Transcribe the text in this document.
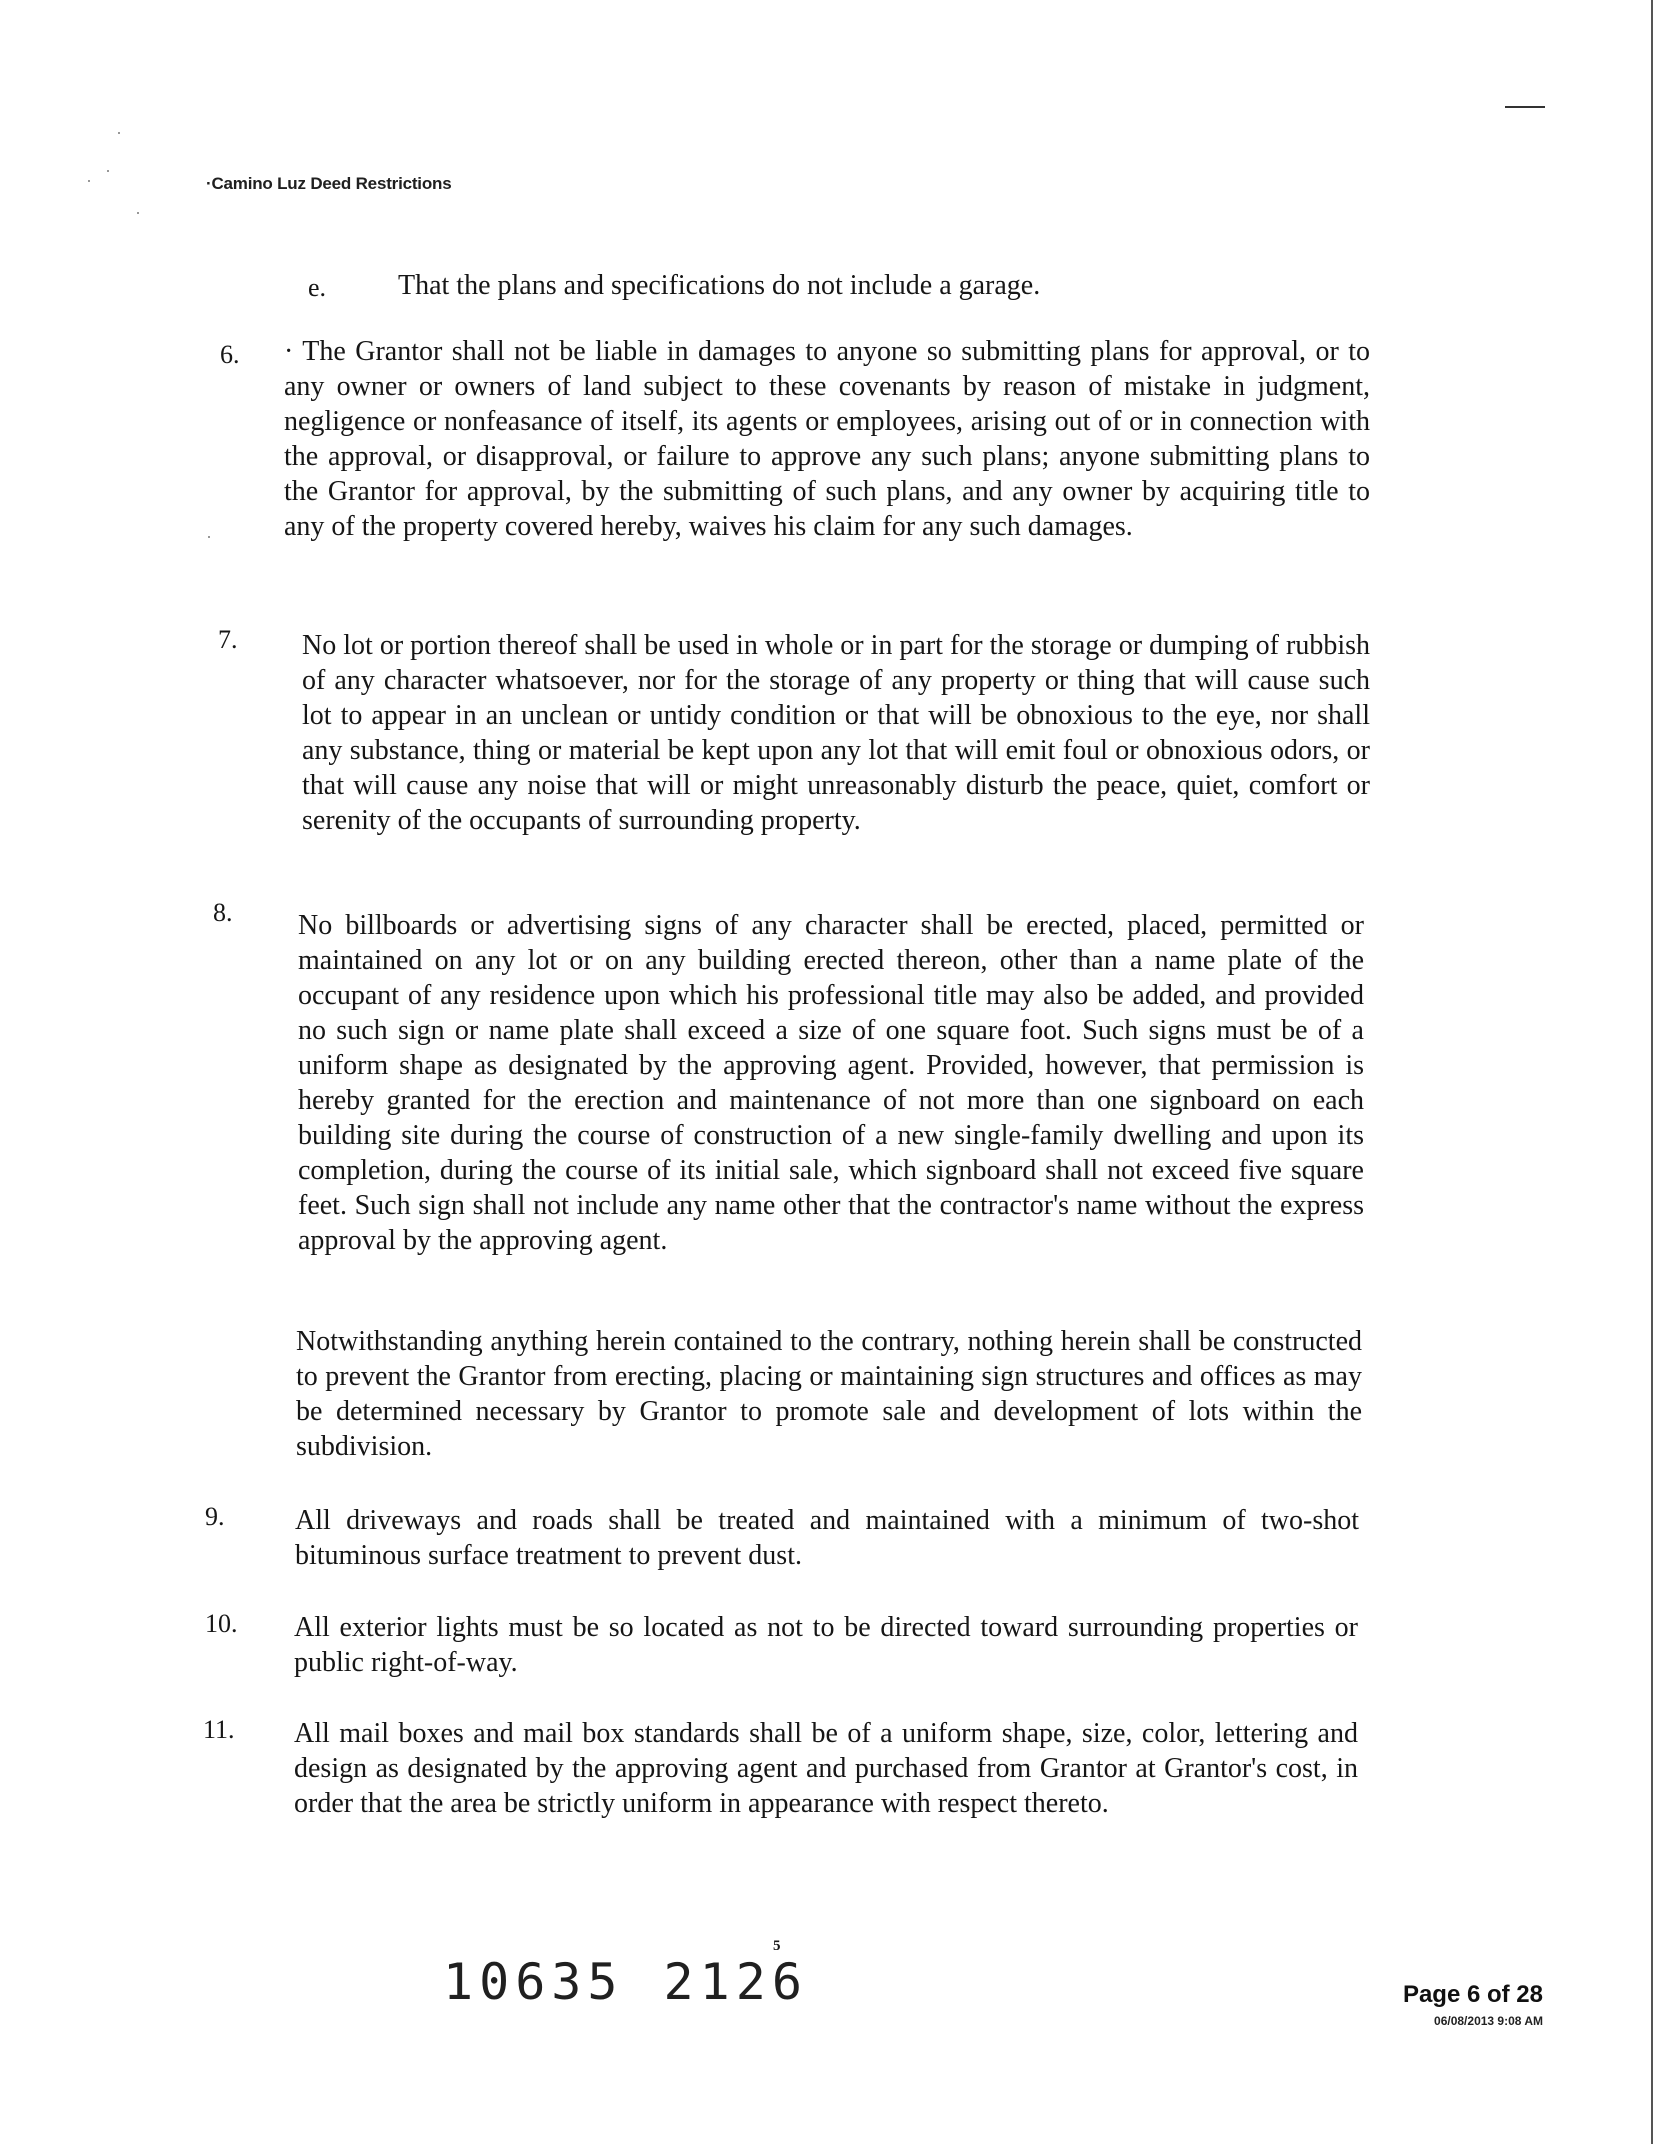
·Camino Luz Deed Restrictions
e.	That the plans and specifications do not include a garage.
6. · The Grantor shall not be liable in damages to anyone so submitting plans for approval, or to any owner or owners of land subject to these covenants by reason of mistake in judgment, negligence or nonfeasance of itself, its agents or employees, arising out of or in connection with the approval, or disapproval, or failure to approve any such plans; anyone submitting plans to the Grantor for approval, by the submitting of such plans, and any owner by acquiring title to any of the property covered hereby, waives his claim for any such damages.
7. No lot or portion thereof shall be used in whole or in part for the storage or dumping of rubbish of any character whatsoever, nor for the storage of any property or thing that will cause such lot to appear in an unclean or untidy condition or that will be obnoxious to the eye, nor shall any substance, thing or material be kept upon any lot that will emit foul or obnoxious odors, or that will cause any noise that will or might unreasonably disturb the peace, quiet, comfort or serenity of the occupants of surrounding property.
8. No billboards or advertising signs of any character shall be erected, placed, permitted or maintained on any lot or on any building erected thereon, other than a name plate of the occupant of any residence upon which his professional title may also be added, and provided no such sign or name plate shall exceed a size of one square foot. Such signs must be of a uniform shape as designated by the approving agent. Provided, however, that permission is hereby granted for the erection and maintenance of not more than one signboard on each building site during the course of construction of a new single-family dwelling and upon its completion, during the course of its initial sale, which signboard shall not exceed five square feet. Such sign shall not include any name other that the contractor's name without the express approval by the approving agent.
Notwithstanding anything herein contained to the contrary, nothing herein shall be constructed to prevent the Grantor from erecting, placing or maintaining sign structures and offices as may be determined necessary by Grantor to promote sale and development of lots within the subdivision.
9.	All driveways and roads shall be treated and maintained with a minimum of two-shot bituminous surface treatment to prevent dust.
10. All exterior lights must be so located as not to be directed toward surrounding properties or public right-of-way.
11. All mail boxes and mail box standards shall be of a uniform shape, size, color, lettering and design as designated by the approving agent and purchased from Grantor at Grantor's cost, in order that the area be strictly uniform in appearance with respect thereto.
10635 2126
5
Page 6 of 28
06/08/2013 9:08 AM
